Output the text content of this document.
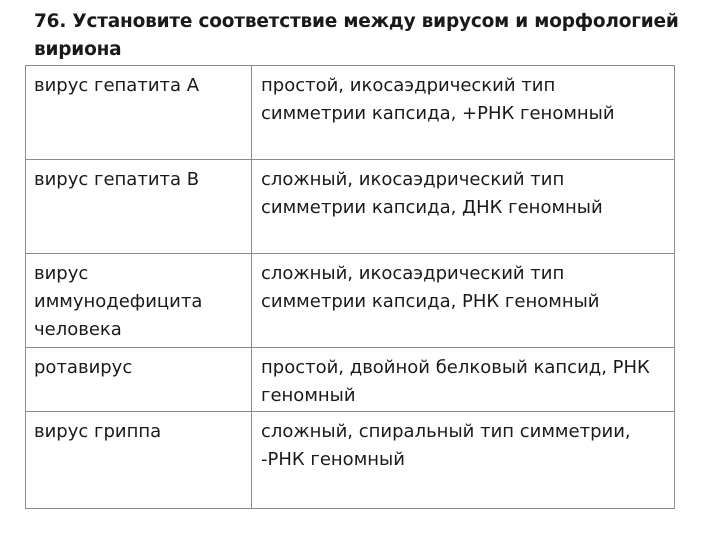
76. Установите соответствие между вирусом и морфологией вириона
вирус гепатита А	простой, икосаэдрический тип симметрии капсида, +РНК геномный
вирус гепатита В	сложный, икосаэдрический тип симметрии капсида, ДНК геномный
вирус иммунодефицита человека	сложный, икосаэдрический тип симметрии капсида, РНК геномный
ротавирус	простой, двойной белковый капсид, РНК геномный
вирус гриппа	сложный, спиральный тип симметрии, -РНК геномный
